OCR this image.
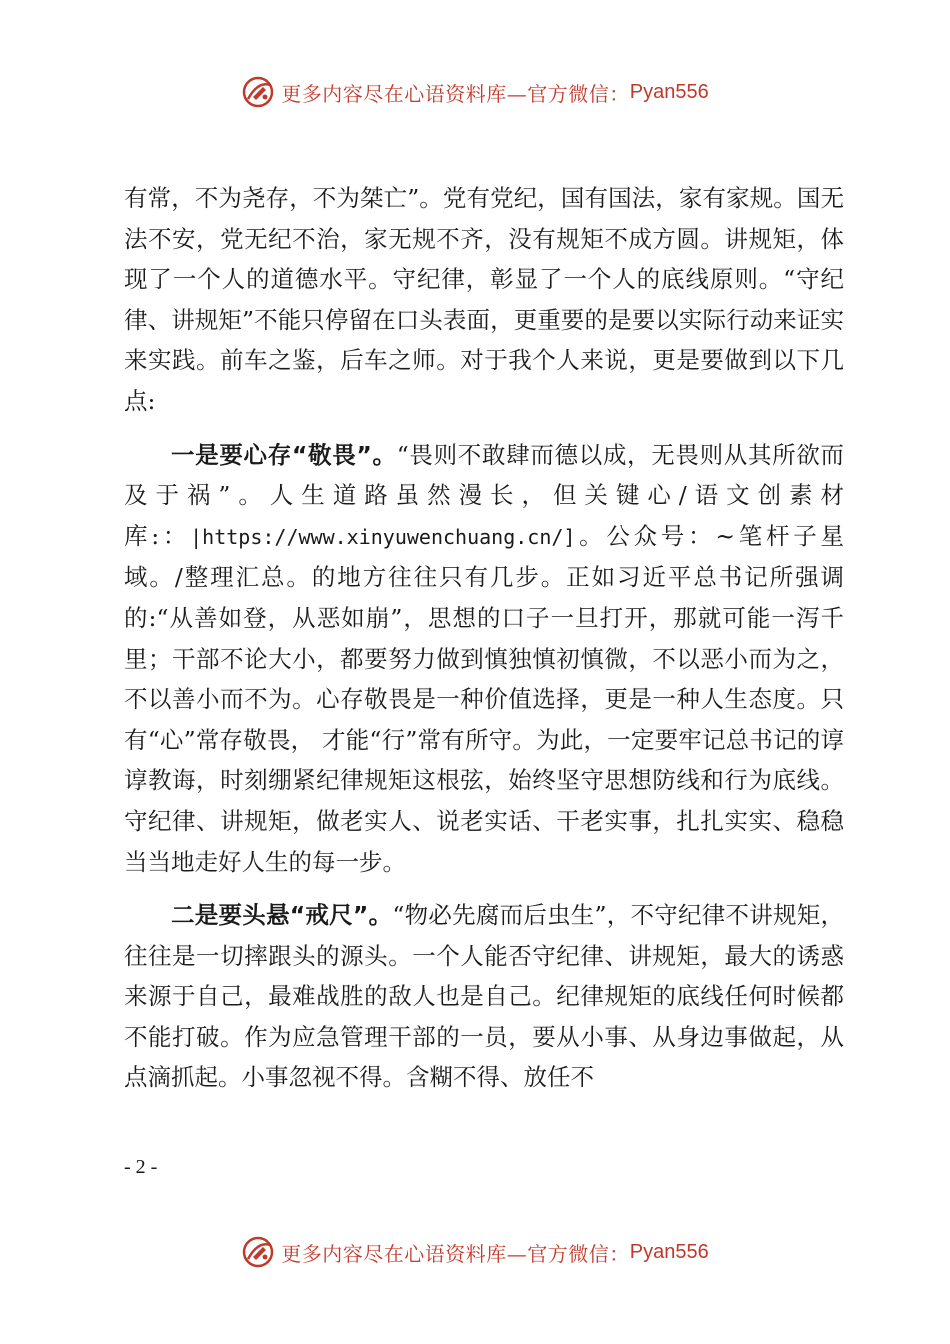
更多内容尽在心语资料库—官方微信： Pyan556

有常，不为尧存，不为桀亡”。党有党纪，国有国法，家有家规。国无法不安，党无纪不治，家无规不齐，没有规矩不成方圆。讲规矩，体现了一个人的道德水平。守纪律，彰显了一个人的底线原则。“守纪律、讲规矩”不能只停留在口头表面，更重要的是要以实际行动来证实来实践。前车之鉴，后车之师。对于我个人来说，更是要做到以下几点:

一是要心存“敬畏”。“畏则不敢肆而德以成，无畏则从其所欲而及于祸”。人生道路虽然漫长，但关键心/语文创素材库:：|https://www.xinyuwenchuang.cn/]。公众号：~笔杆子星域。/整理汇总。的地方往往只有几步。正如习近平总书记所强调的:“从善如登，从恶如崩”，思想的口子一旦打开，那就可能一泻千里；干部不论大小，都要努力做到慎独慎初慎微，不以恶小而为之，不以善小而不为。心存敬畏是一种价值选择，更是一种人生态度。只有“心”常存敬畏， 才能“行”常有所守。为此，一定要牢记总书记的谆谆教诲，时刻绷紧纪律规矩这根弦，始终坚守思想防线和行为底线。守纪律、讲规矩，做老实人、说老实话、干老实事，扎扎实实、稳稳当当地走好人生的每一步。

二是要头悬“戒尺”。“物必先腐而后虫生”，不守纪律不讲规矩，往往是一切摔跟头的源头。一个人能否守纪律、讲规矩，最大的诱惑来源于自己，最难战胜的敌人也是自己。纪律规矩的底线任何时候都不能打破。作为应急管理干部的一员，要从小事、从身边事做起，从点滴抓起。小事忽视不得。含糊不得、放任不

- 2 -
更多内容尽在心语资料库—官方微信： Pyan556
